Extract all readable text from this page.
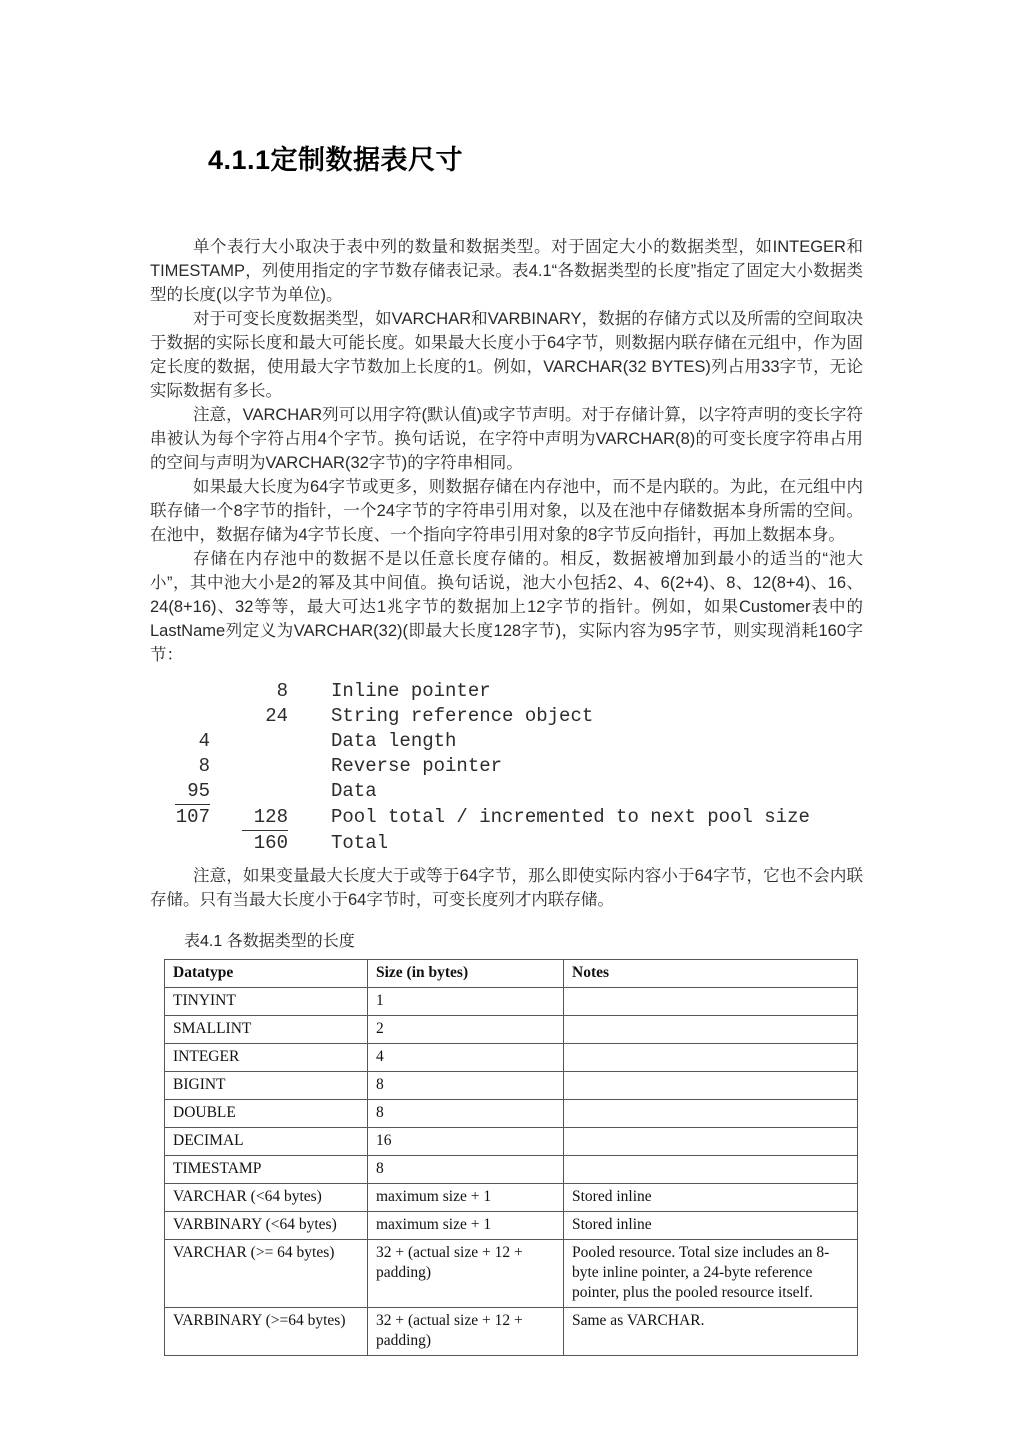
4.1.1定制数据表尺寸

单个表行大小取决于表中列的数量和数据类型。对于固定大小的数据类型，如INTEGER和TIMESTAMP，列使用指定的字节数存储表记录。表4.1“各数据类型的长度”指定了固定大小数据类型的长度(以字节为单位)。

对于可变长度数据类型，如VARCHAR和VARBINARY，数据的存储方式以及所需的空间取决于数据的实际长度和最大可能长度。如果最大长度小于64字节，则数据内联存储在元组中，作为固定长度的数据，使用最大字节数加上长度的1。例如，VARCHAR(32 BYTES)列占用33字节，无论实际数据有多长。

注意，VARCHAR列可以用字符(默认值)或字节声明。对于存储计算，以字符声明的变长字符串被认为每个字符占用4个字节。换句话说，在字符中声明为VARCHAR(8)的可变长度字符串占用的空间与声明为VARCHAR(32字节)的字符串相同。

如果最大长度为64字节或更多，则数据存储在内存池中，而不是内联的。为此，在元组中内联存储一个8字节的指针，一个24字节的字符串引用对象，以及在池中存储数据本身所需的空间。在池中，数据存储为4字节长度、一个指向字符串引用对象的8字节反向指针，再加上数据本身。

存储在内存池中的数据不是以任意长度存储的。相反，数据被增加到最小的适当的“池大小”，其中池大小是2的幂及其中间值。换句话说，池大小包括2、4、6(2+4)、8、12(8+4)、16、24(8+16)、32等等，最大可达1兆字节的数据加上12字节的指针。例如，如果Customer表中的LastName列定义为VARCHAR(32)(即最大长度128字节)，实际内容为95字节，则实现消耗160字节：

8 Inline pointer
24 String reference object
4	Data length
8	Reverse pointer
95	Data
107 128 Pool total / incremented to next pool size
160 Total

注意，如果变量最大长度大于或等于64字节，那么即使实际内容小于64字节，它也不会内联存储。只有当最大长度小于64字节时，可变长度列才内联存储。

表4.1 各数据类型的长度

Datatype	Size (in bytes)	Notes
TINYINT	1	
SMALLINT	2	
INTEGER	4	
BIGINT	8	
DOUBLE	8	
DECIMAL	16	
TIMESTAMP	8	
VARCHAR (<64 bytes)	maximum size + 1	Stored inline
VARBINARY (<64 bytes)	maximum size + 1	Stored inline
VARCHAR (>= 64 bytes)	32 + (actual size + 12 + padding)	Pooled resource. Total size includes an 8-byte inline pointer, a 24-byte reference pointer, plus the pooled resource itself.
VARBINARY (>=64 bytes)	32 + (actual size + 12 + padding)	Same as VARCHAR.
